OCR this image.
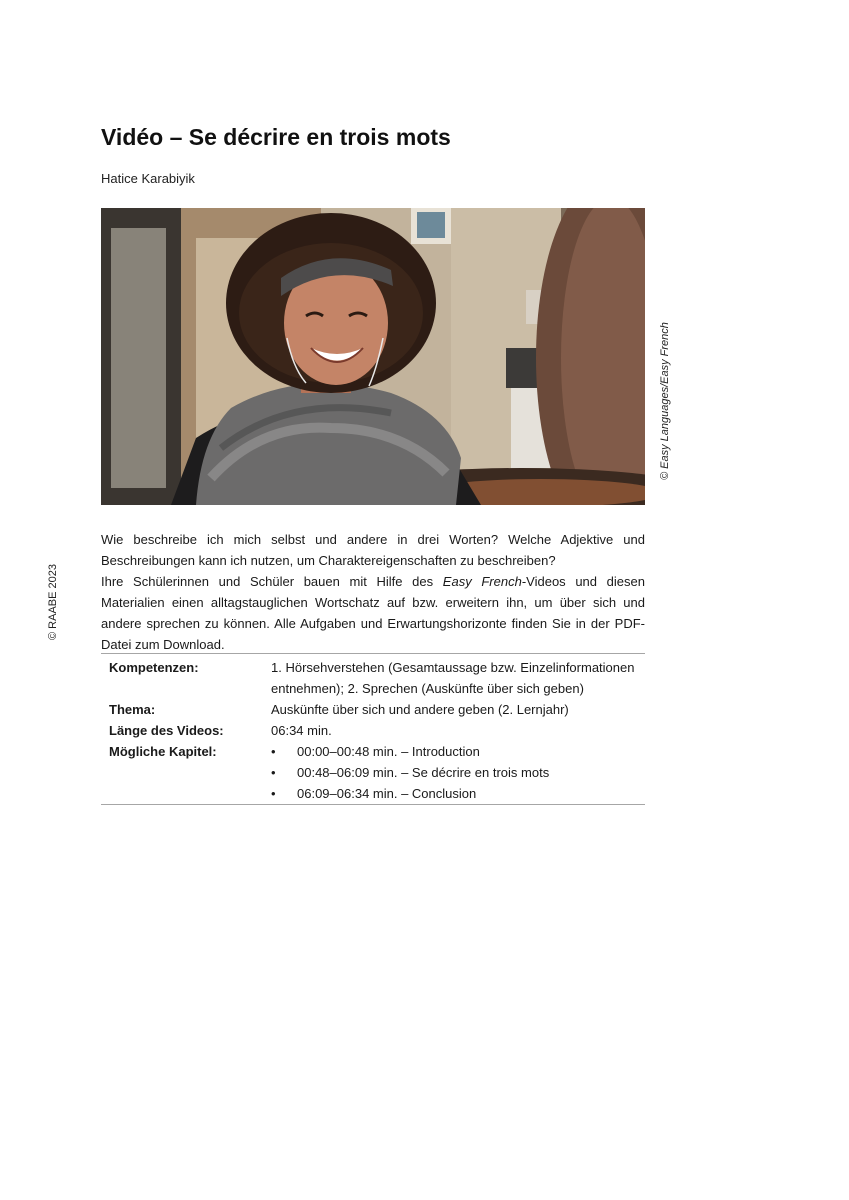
Vidéo – Se décrire en trois mots
Hatice Karabiyik
© Easy Languages/Easy French
© RAABE 2023

Wie beschreibe ich mich selbst und andere in drei Worten? Welche Adjektive und Beschreibungen kann ich nutzen, um Charaktereigenschaften zu beschreiben?

Ihre Schülerinnen und Schüler bauen mit Hilfe des Easy French-Videos und diesen Materialien einen alltagstauglichen Wortschatz auf bzw. erweitern ihn, um über sich und andere sprechen zu können. Alle Aufgaben und Erwartungshorizonte finden Sie in der PDF-Datei zum Download.

Kompetenzen:	1. Hörsehverstehen (Gesamtaussage bzw. Einzelinformationen entnehmen); 2. Sprechen (Auskünfte über sich geben)
Thema:	Auskünfte über sich und andere geben (2. Lernjahr)
Länge des Videos:	06:34 min.
Mögliche Kapitel:
•	00:00–00:48 min. – Introduction
• 00:48–06:09 min. – Se décrire en trois mots
• 06:09–06:34 min. – Conclusion
